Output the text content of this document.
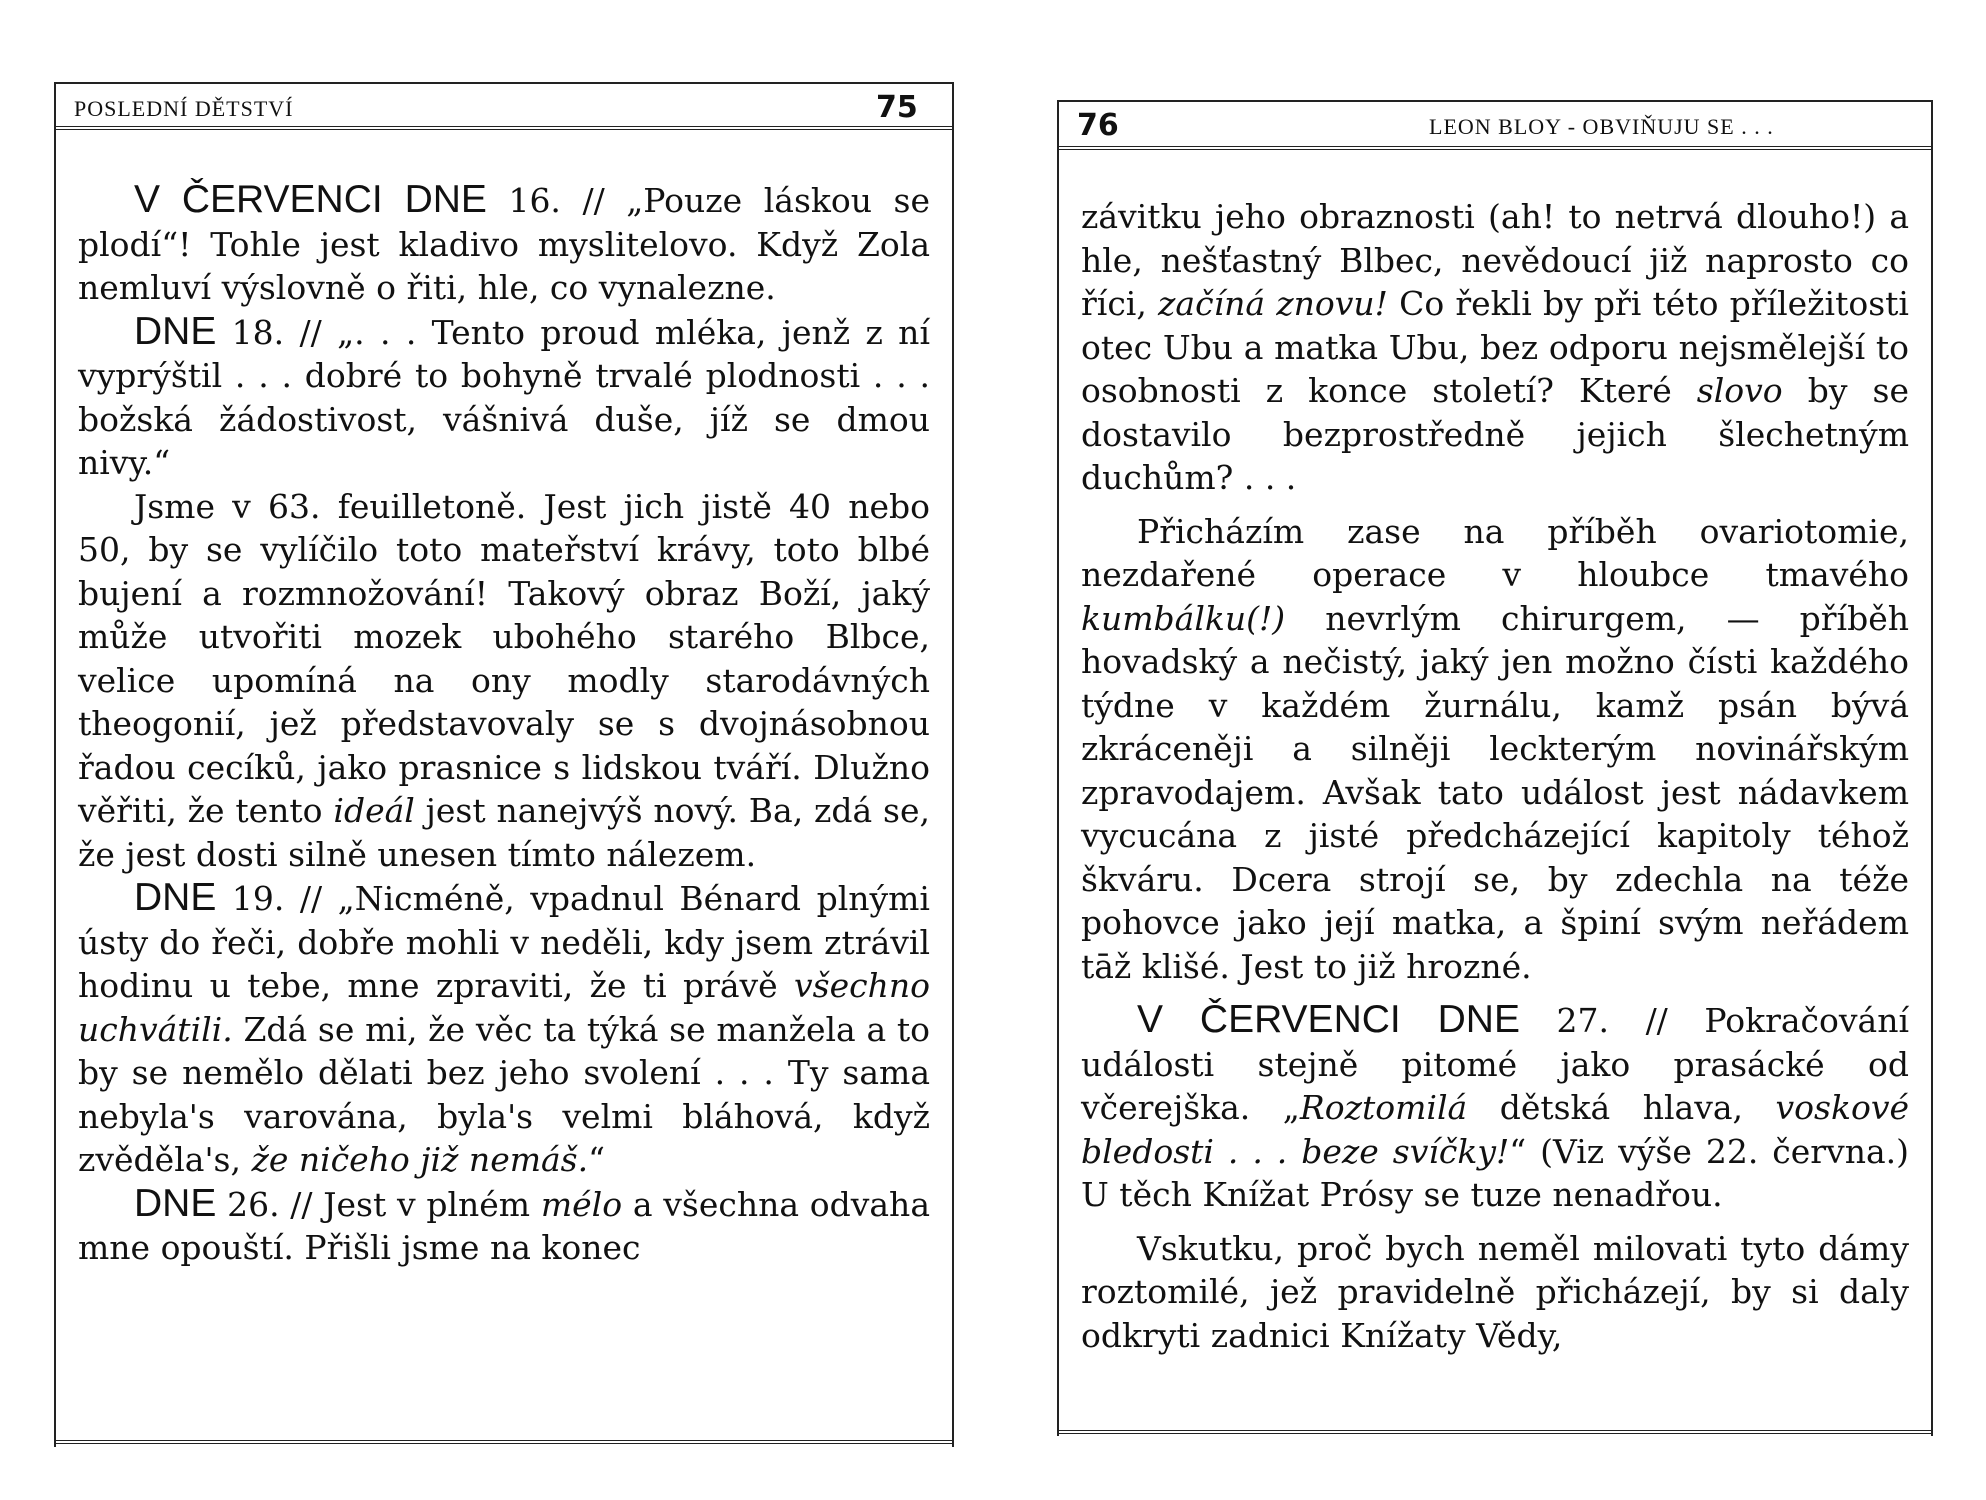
POSLEDNÍ DĚTSTVÍ	75

V ČERVENCI DNE 16. // „Pouze láskou se plodí“! Tohle jest kladivo myslitelovo. Když Zola nemluví výslovně o řiti, hle, co vynalezne.

DNE 18. // „. . . Tento proud mléka, jenž z ní vyprýštil . . . dobré to bohyně trvalé plodnosti . . . božská žádostivost, vášnivá duše, jíž se dmou nivy.“

Jsme v 63. feuilletoně. Jest jich jistě 40 nebo 50, by se vylíčilo toto mateřství krávy, toto blbé bujení a rozmnožování! Takový obraz Boží, jaký může utvořiti mozek ubohého starého Blbce, velice upomíná na ony modly starodávných theogonií, jež představovaly se s dvojnásobnou řadou cecíků, jako prasnice s lidskou tváří. Dlužno věřiti, že tento ideál jest nanejvýš nový. Ba, zdá se, že jest dosti silně unesen tímto nálezem.

DNE 19. // „Nicméně, vpadnul Bénard plnými ústy do řeči, dobře mohli v neděli, kdy jsem ztrávil hodinu u tebe, mne zpraviti, že ti právě všechno uchvátili. Zdá se mi, že věc ta týká se manžela a to by se nemělo dělati bez jeho svolení . . . Ty sama nebyla's varována, byla's velmi bláhová, když zvěděla's, že ničeho již nemáš.“

DNE 26. // Jest v plném mélo a všechna odvaha mne opouští. Přišli jsme na konec

76	LEON BLOY - OBVIŇUJU SE . . .

závitku jeho obraznosti (ah! to netrvá dlouho!) a hle, nešťastný Blbec, nevědoucí již naprosto co říci, začíná znovu! Co řekli by při této příležitosti otec Ubu a matka Ubu, bez odporu nejsmělejší to osobnosti z konce století? Které slovo by se dostavilo bezprostředně jejich šlechetným duchům? . . .

Přicházím zase na příběh ovariotomie, nezdařené operace v hloubce tmavého kumbálku(!) nevrlým chirurgem, — příběh hovadský a nečistý, jaký jen možno čísti každého týdne v každém žurnálu, kamž psán bývá zkráceněji a silněji leckterým novinářským zpravodajem. Avšak tato událost jest nádavkem vycucána z jisté předcházející kapitoly téhož škváru. Dcera strojí se, by zdechla na téže pohovce jako její matka, a špiní svým neřádem tāž klišé. Jest to již hrozné.

V ČERVENCI DNE 27. // Pokračování události stejně pitomé jako prasácké od včerejška. „Roztomilá dětská hlava, voskové bledosti . . . beze svíčky!“ (Viz výše 22. června.) U těch Knížat Prósy se tuze nenadřou.

Vskutku, proč bych neměl milovati tyto dámy roztomilé, jež pravidelně přicházejí, by si daly odkryti zadnici Knížaty Vědy,
